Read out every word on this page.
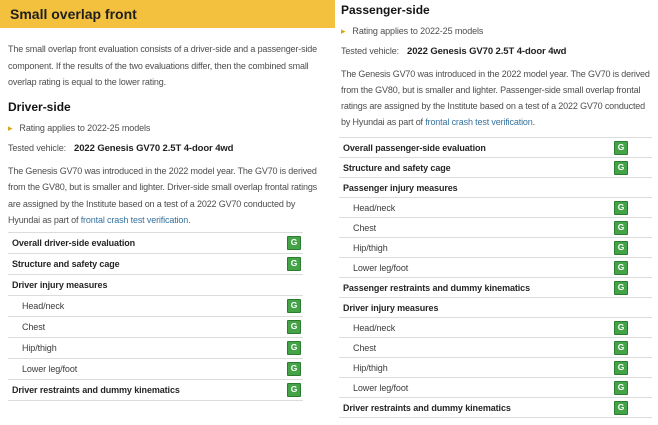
Small overlap front

The small overlap front evaluation consists of a driver-side and a passenger-side component. If the results of the two evaluations differ, then the combined small overlap rating is equal to the lower rating.

Driver-side
▸ Rating applies to 2022-25 models
Tested vehicle: 2022 Genesis GV70 2.5T 4-door 4wd

The Genesis GV70 was introduced in the 2022 model year. The GV70 is derived from the GV80, but is smaller and lighter. Driver-side small overlap frontal ratings are assigned by the Institute based on a test of a 2022 GV70 conducted by Hyundai as part of frontal crash test verification.

Overall driver-side evaluation	G
Structure and safety cage	G
Driver injury measures
Head/neck	G
Chest	G
Hip/thigh	G
Lower leg/foot	G
Driver restraints and dummy kinematics	G
Passenger-side
▸ Rating applies to 2022-25 models
Tested vehicle: 2022 Genesis GV70 2.5T 4-door 4wd

The Genesis GV70 was introduced in the 2022 model year. The GV70 is derived from the GV80, but is smaller and lighter. Passenger-side small overlap frontal ratings are assigned by the Institute based on a test of a 2022 GV70 conducted by Hyundai as part of frontal crash test verification.

Overall passenger-side evaluation	G
Structure and safety cage	G
Passenger injury measures
Head/neck	G
Chest	G
Hip/thigh	G
Lower leg/foot	G
Passenger restraints and dummy kinematics	G
Driver injury measures
Head/neck	G
Chest	G
Hip/thigh	G
Lower leg/foot	G
Driver restraints and dummy kinematics	G
